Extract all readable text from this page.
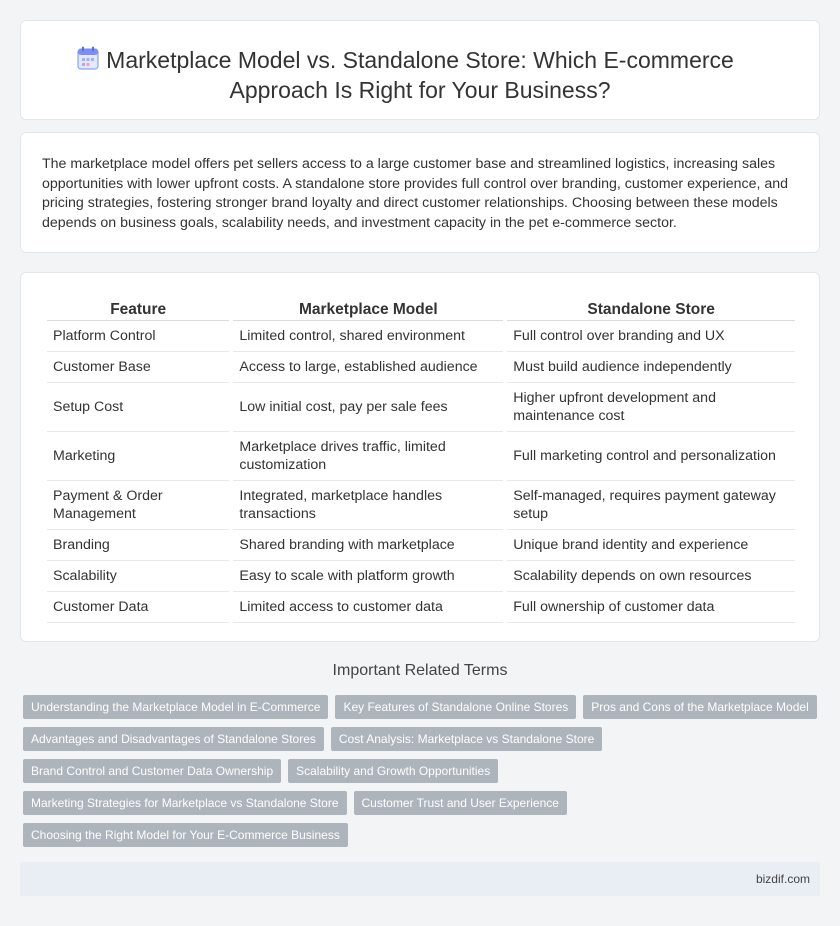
Marketplace Model vs. Standalone Store: Which E-commerce
Approach Is Right for Your Business?

The marketplace model offers pet sellers access to a large customer base and streamlined logistics, increasing sales opportunities with lower upfront costs. A standalone store provides full control over branding, customer experience, and pricing strategies, fostering stronger brand loyalty and direct customer relationships. Choosing between these models depends on business goals, scalability needs, and investment capacity in the pet e-commerce sector.

Feature	Marketplace Model	Standalone Store
Platform Control	Limited control, shared environment	Full control over branding and UX
Customer Base	Access to large, established audience	Must build audience independently
Setup Cost	Low initial cost, pay per sale fees	Higher upfront development and maintenance cost
Marketing	Marketplace drives traffic, limited customization	Full marketing control and personalization
Payment & Order Management	Integrated, marketplace handles transactions	Self-managed, requires payment gateway setup
Branding	Shared branding with marketplace	Unique brand identity and experience
Scalability	Easy to scale with platform growth	Scalability depends on own resources
Customer Data	Limited access to customer data	Full ownership of customer data
Important Related Terms
Understanding the Marketplace Model in E-Commerce	Key Features of Standalone Online Stores	Pros and Cons of the Marketplace Model
Advantages and Disadvantages of Standalone Stores	Cost Analysis: Marketplace vs Standalone Store
Brand Control and Customer Data Ownership	Scalability and Growth Opportunities
Marketing Strategies for Marketplace vs Standalone Store	Customer Trust and User Experience
Choosing the Right Model for Your E-Commerce Business
bizdif.com
